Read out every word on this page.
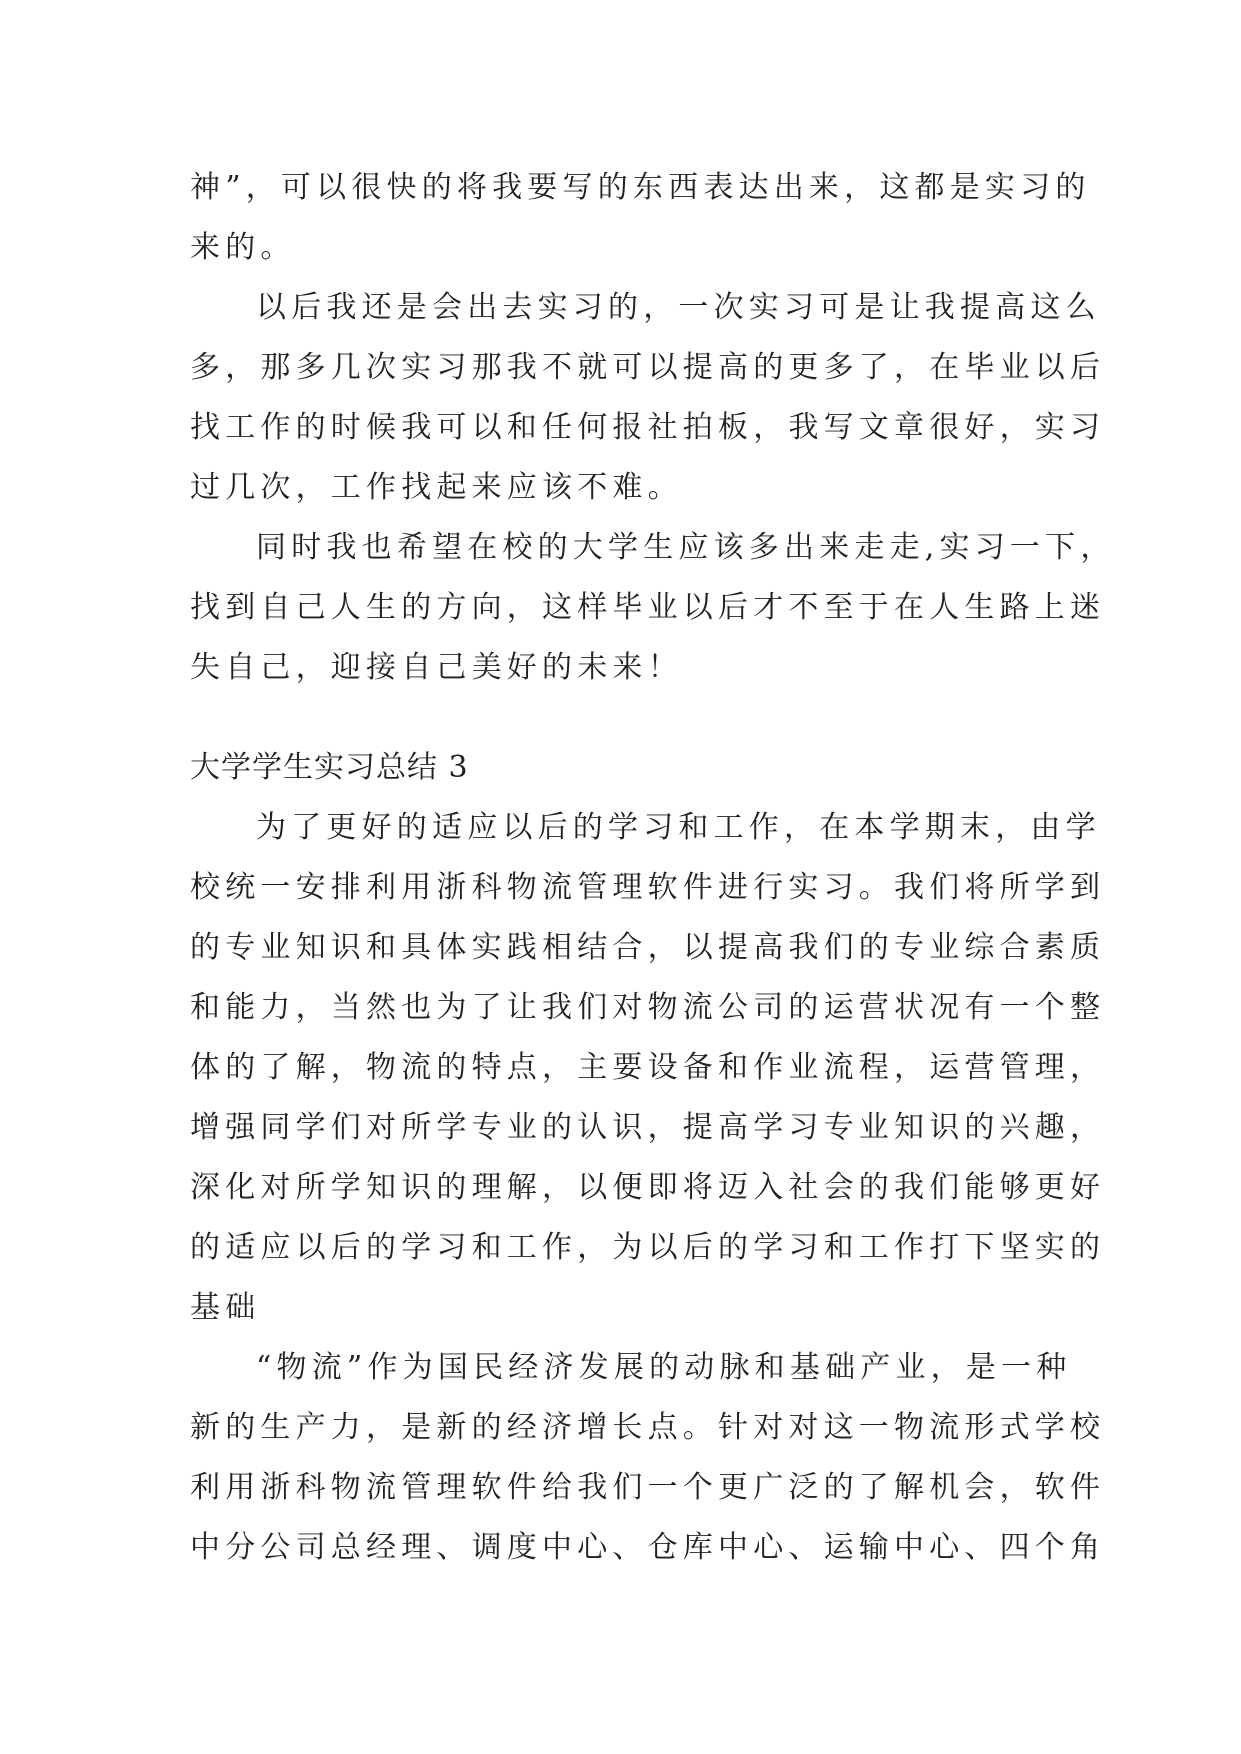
神”，可以很快的将我要写的东西表达出来，这都是实习的
来的。
以后我还是会出去实习的，一次实习可是让我提高这么
多，那多几次实习那我不就可以提高的更多了，在毕业以后
找工作的时候我可以和任何报社拍板，我写文章很好，实习
过几次，工作找起来应该不难。
同时我也希望在校的大学生应该多出来走走,实习一下，
找到自己人生的方向，这样毕业以后才不至于在人生路上迷
失自己，迎接自己美好的未来！
大学学生实习总结 3
为了更好的适应以后的学习和工作，在本学期末，由学
校统一安排利用浙科物流管理软件进行实习。我们将所学到
的专业知识和具体实践相结合，以提高我们的专业综合素质
和能力，当然也为了让我们对物流公司的运营状况有一个整
体的了解，物流的特点，主要设备和作业流程，运营管理，
增强同学们对所学专业的认识，提高学习专业知识的兴趣，
深化对所学知识的理解，以便即将迈入社会的我们能够更好
的适应以后的学习和工作，为以后的学习和工作打下坚实的
基础
“物流”作为国民经济发展的动脉和基础产业，是一种
新的生产力，是新的经济增长点。针对对这一物流形式学校
利用浙科物流管理软件给我们一个更广泛的了解机会，软件
中分公司总经理、调度中心、仓库中心、运输中心、四个角
